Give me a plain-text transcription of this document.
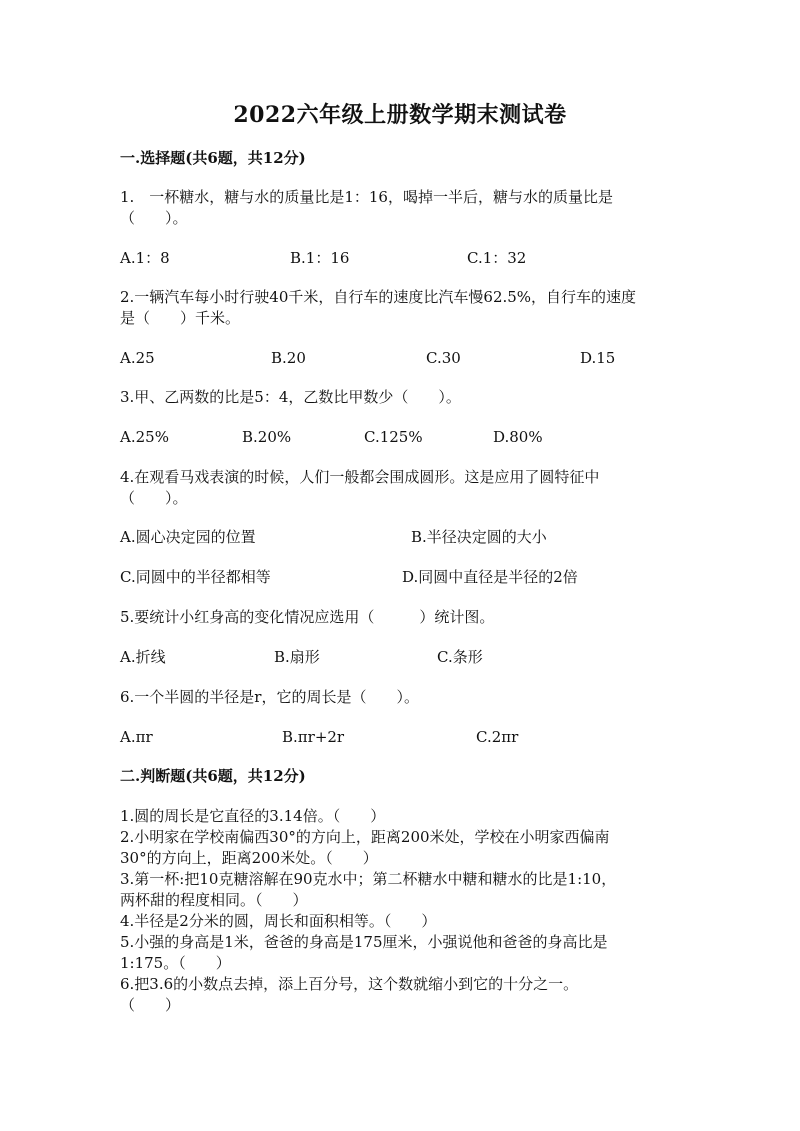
2022六年级上册数学期末测试卷
一.选择题(共6题，共12分)
1.　一杯糖水，糖与水的质量比是1：16，喝掉一半后，糖与水的质量比是
（　　）。
A.1：8	B.1：16	C.1：32
2.一辆汽车每小时行驶40千米，自行车的速度比汽车慢62.5%，自行车的速度
是（　　）千米。
A.25	B.20	C.30	D.15
3.甲、乙两数的比是5：4，乙数比甲数少（　　）。
A.25%	B.20%	C.125%	D.80%
4.在观看马戏表演的时候，人们一般都会围成圆形。这是应用了圆特征中
（　　）。
A.圆心决定园的位置	B.半径决定圆的大小
C.同圆中的半径都相等	D.同圆中直径是半径的2倍
5.要统计小红身高的变化情况应选用（　　　）统计图。
A.折线	B.扇形	C.条形
6.一个半圆的半径是r，它的周长是（　　）。
A.πr	B.πr+2r	C.2πr
二.判断题(共6题，共12分)
1.圆的周长是它直径的3.14倍。（　　）
2.小明家在学校南偏西30°的方向上，距离200米处，学校在小明家西偏南
30°的方向上，距离200米处。（　　）
3.第一杯:把10克糖溶解在90克水中；第二杯糖水中糖和糖水的比是1:10，
两杯甜的程度相同。（　　）
4.半径是2分米的圆，周长和面积相等。（　　）
5.小强的身高是1米，爸爸的身高是175厘米，小强说他和爸爸的身高比是
1:175。（　　）
6.把3.6的小数点去掉，添上百分号，这个数就缩小到它的十分之一。
（　　）
